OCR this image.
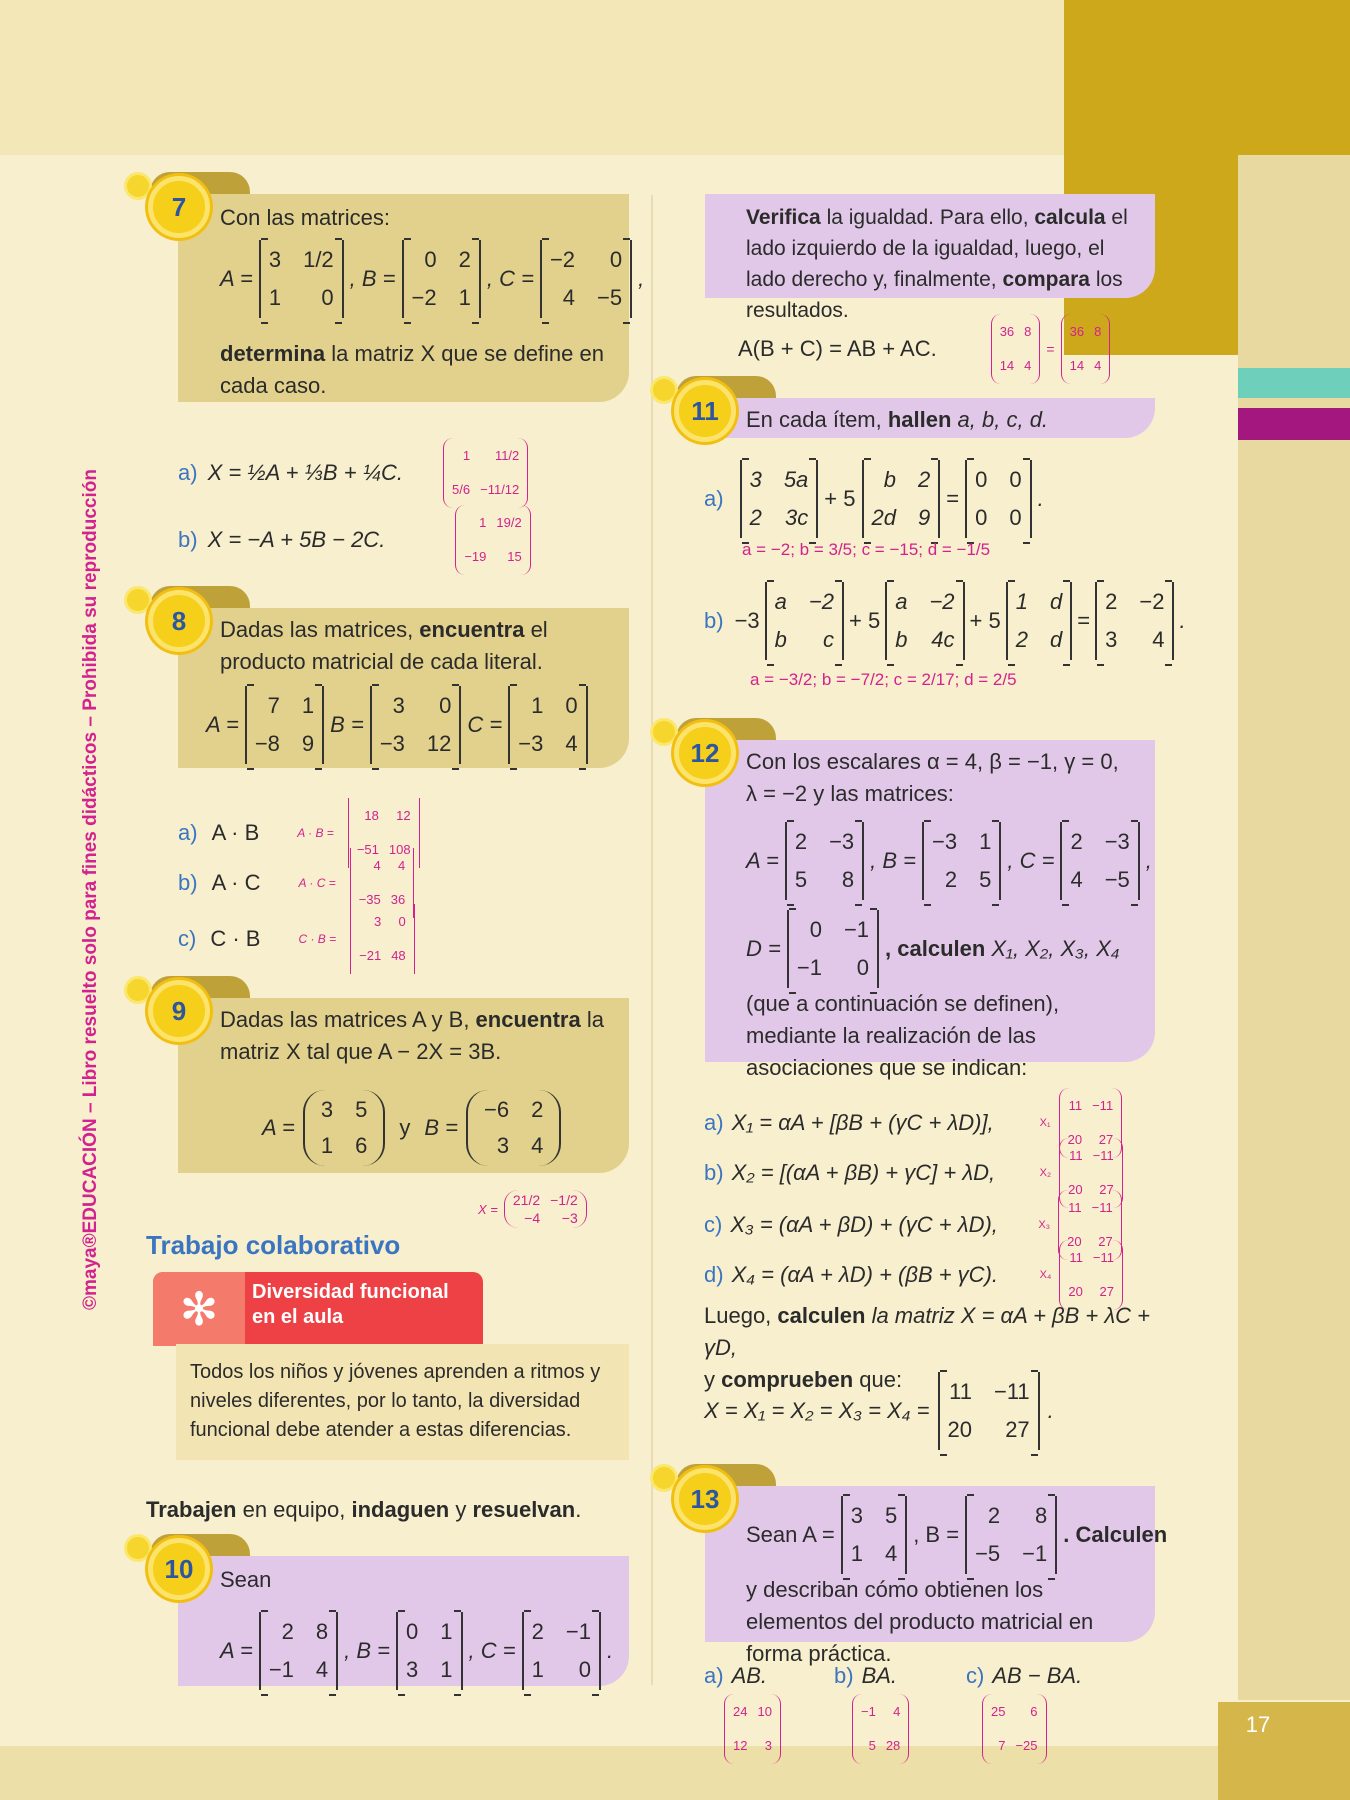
17
©maya®EDUCACIÓN – Libro resuelto solo para fines didácticos – Prohibida su reproducción
7	Con las matrices:
A =
3 1/2
1	0
, B =
0 2
−2 1
, C =
−2	0
4 −5
,
determina la matriz X que se define en cada caso.
a) X = ½A + ⅓B + ¼C.
1	11/2
5/6 −11/12
b) X = −A + 5B − 2C.
1 19/2
−19	15
8	Dadas las matrices, encuentra el producto matricial de cada literal.
A =
7 1
−8 9
B =
3	0
−3 12
C =
1 0
−3 4
a) A · B	A · B =
18	12
−51 108
b) A · C	A · C =
4	4
−35 36
c) C · B	C · B =
3	0
−21 48
9	Dadas las matrices A y B, encuentra la matriz X tal que A − 2X = 3B.
A =
3 5
1 6
y B =
−6 2
3 4
X =
21/2 −1/2
−4	−3
Trabajo colaborativo
✻	Diversidad funcional
en el aula
Todos los niños y jóvenes aprenden a ritmos y niveles diferentes, por lo tanto, la diversidad funcional debe atender a estas diferencias.
Trabajen en equipo, indaguen y resuelvan.
10	Sean
A =
2 8
−1 4
, B =
0 1
3 1
, C =
2 −1
1	0
.
Verifica la igualdad. Para ello, calcula el lado izquierdo de la igualdad, luego, el lado derecho y, finalmente, compara los resultados.
A(B + C) = AB + AC.
36 8
14 4
=
36 8
14 4
11	En cada ítem, hallen a, b, c, d.
a)
3 5a
2 3c
+ 5
b 2
2d 9
=
0 0
0 0
.
a = −2; b = 3/5; c = −15; d = −1/5
b) −3
a −2
b	c
+ 5
a −2
b 4c
+ 5
1 d
2 d
=
2 −2
3	4
.
a = −3/2; b = −7/2; c = 2/17; d = 2/5
12	Con los escalares α = 4, β = −1, γ = 0, λ = −2 y las matrices:
A =
2 −3
5	8
, B =
−3 1
2 5
, C =
2 −3
4 −5
,
D =
0 −1
−1	0
, calculen X₁, X₂, X₃, X₄
(que a continuación se definen), mediante la realización de las asociaciones que se indican:
a) X₁ = αA + [βB + (γC + λD)],	X₁
11 −11
20	27
b) X₂ = [(αA + βB) + γC] + λD,	X₂
11 −11
20	27
c) X₃ = (αA + βD) + (γC + λD),	X₃
11 −11
20	27
d) X₄ = (αA + λD) + (βB + γC).	X₄
11 −11
20	27
Luego, calculen la matriz X = αA + βB + λC + γD,
y comprueben que:
X = X₁ = X₂ = X₃ = X₄ =
11 −11
20	27
.
13
Sean A =
3 5
1 4
, B =
2	8
−5 −1
. Calculen
y describan cómo obtienen los elementos del producto matricial en forma práctica.
a) AB.
24 10
12	3
b) BA.
−1	4
5 28
c) AB − BA.
25	6
7 −25
